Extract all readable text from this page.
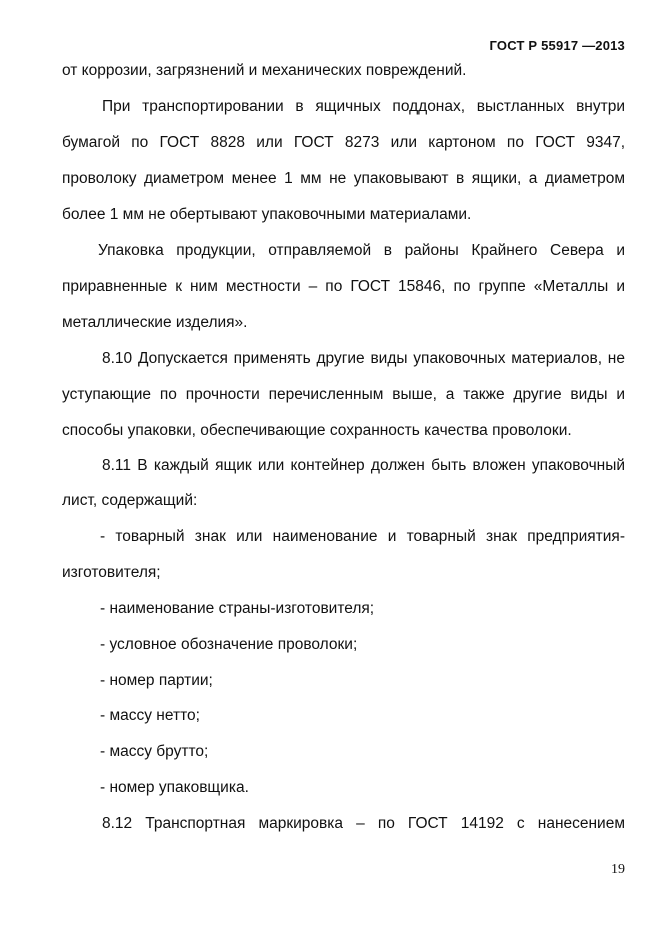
ГОСТ Р 55917 —2013
от коррозии, загрязнений и механических повреждений.
При транспортировании в ящичных поддонах, выстланных внутри
бумагой по ГОСТ 8828 или ГОСТ 8273 или картоном по ГОСТ 9347,
проволоку диаметром менее 1 мм не упаковывают в ящики, а диаметром
более 1 мм не обертывают упаковочными материалами.
Упаковка продукции, отправляемой в районы Крайнего Севера и
приравненные к ним местности – по ГОСТ 15846, по группе «Металлы и
металлические изделия».
8.10 Допускается применять другие виды упаковочных материалов, не
уступающие по прочности перечисленным выше, а также другие виды и
способы упаковки, обеспечивающие сохранность качества проволоки.
8.11 В каждый ящик или контейнер должен быть вложен упаковочный
лист, содержащий:
- товарный знак или наименование и товарный знак предприятия-
изготовителя;
- наименование страны-изготовителя;
- условное обозначение проволоки;
- номер партии;
- массу нетто;
- массу брутто;
- номер упаковщика.
8.12 Транспортная маркировка – по ГОСТ 14192 с нанесением
19
